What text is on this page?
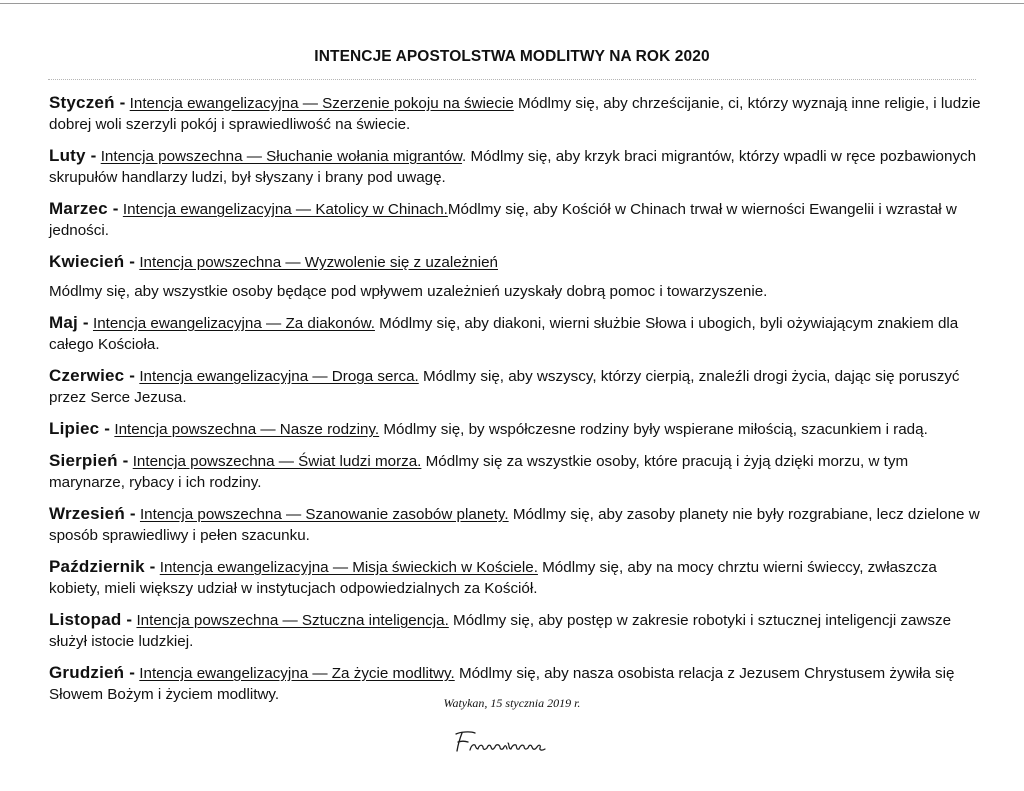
INTENCJE APOSTOLSTWA MODLITWY NA ROK 2020
Styczeń - Intencja ewangelizacyjna — Szerzenie pokoju na świecie Módlmy się, aby chrześcijanie, ci, którzy wyznają inne religie, i ludzie dobrej woli szerzyli pokój i sprawiedliwość na świecie.
Luty - Intencja powszechna — Słuchanie wołania migrantów. Módlmy się, aby krzyk braci migrantów, którzy wpadli w ręce pozbawionych skrupułów handlarzy ludzi, był słyszany i brany pod uwagę.
Marzec - Intencja ewangelizacyjna — Katolicy w Chinach.Módlmy się, aby Kościół w Chinach trwał w wierności Ewangelii i wzrastał w jedności.
Kwiecień - Intencja powszechna — Wyzwolenie się z uzależnień
Módlmy się, aby wszystkie osoby będące pod wpływem uzależnień uzyskały dobrą pomoc i towarzyszenie.
Maj - Intencja ewangelizacyjna — Za diakonów. Módlmy się, aby diakoni, wierni służbie Słowa i ubogich, byli ożywiającym znakiem dla całego Kościoła.
Czerwiec - Intencja ewangelizacyjna — Droga serca. Módlmy się, aby wszyscy, którzy cierpią, znaleźli drogi życia, dając się poruszyć przez Serce Jezusa.
Lipiec - Intencja powszechna — Nasze rodziny. Módlmy się, by współczesne rodziny były wspierane miłością, szacunkiem i radą.
Sierpień - Intencja powszechna — Świat ludzi morza. Módlmy się za wszystkie osoby, które pracują i żyją dzięki morzu, w tym marynarze, rybacy i ich rodziny.
Wrzesień - Intencja powszechna — Szanowanie zasobów planety. Módlmy się, aby zasoby planety nie były rozgrabiane, lecz dzielone w sposób sprawiedliwy i pełen szacunku.
Październik - Intencja ewangelizacyjna — Misja świeckich w Kościele. Módlmy się, aby na mocy chrztu wierni świeccy, zwłaszcza kobiety, mieli większy udział w instytucjach odpowiedzialnych za Kościół.
Listopad - Intencja powszechna — Sztuczna inteligencja. Módlmy się, aby postęp w zakresie robotyki i sztucznej inteligencji zawsze służył istocie ludzkiej.
Grudzień - Intencja ewangelizacyjna — Za życie modlitwy. Módlmy się, aby nasza osobista relacja z Jezusem Chrystusem żywiła się Słowem Bożym i życiem modlitwy.	Watykan, 15 stycznia 2019 r.
